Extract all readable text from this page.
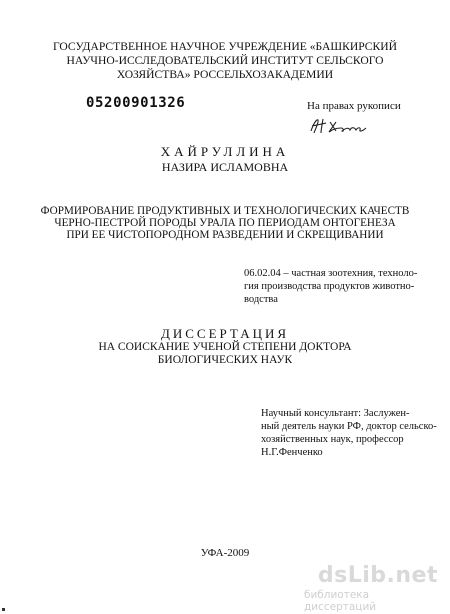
ГОСУДАРСТВЕННОЕ НАУЧНОЕ УЧРЕЖДЕНИЕ «БАШКИРСКИЙ
НАУЧНО-ИССЛЕДОВАТЕЛЬСКИЙ ИНСТИТУТ СЕЛЬСКОГО
ХОЗЯЙСТВА» РОССЕЛЬХОЗАКАДЕМИИ
05200901326	На правах рукописи
ХАЙРУЛЛИНА
НАЗИРА ИСЛАМОВНА
ФОРМИРОВАНИЕ ПРОДУКТИВНЫХ И ТЕХНОЛОГИЧЕСКИХ КАЧЕСТВ
ЧЕРНО-ПЕСТРОЙ ПОРОДЫ УРАЛА ПО ПЕРИОДАМ ОНТОГЕНЕЗА
ПРИ ЕЕ ЧИСТОПОРОДНОМ РАЗВЕДЕНИИ И СКРЕЩИВАНИИ
06.02.04 – частная зоотехния, техноло-
гия производства продуктов животно-
водства
ДИССЕРТАЦИЯ
НА СОИСКАНИЕ УЧЕНОЙ СТЕПЕНИ ДОКТОРА
БИОЛОГИЧЕСКИХ НАУК
Научный консультант: Заслужен-
ный деятель науки РФ, доктор сельско-
хозяйственных наук, профессор
Н.Г.Фенченко
УФА-2009
dsLib.net
библиотека диссертаций
